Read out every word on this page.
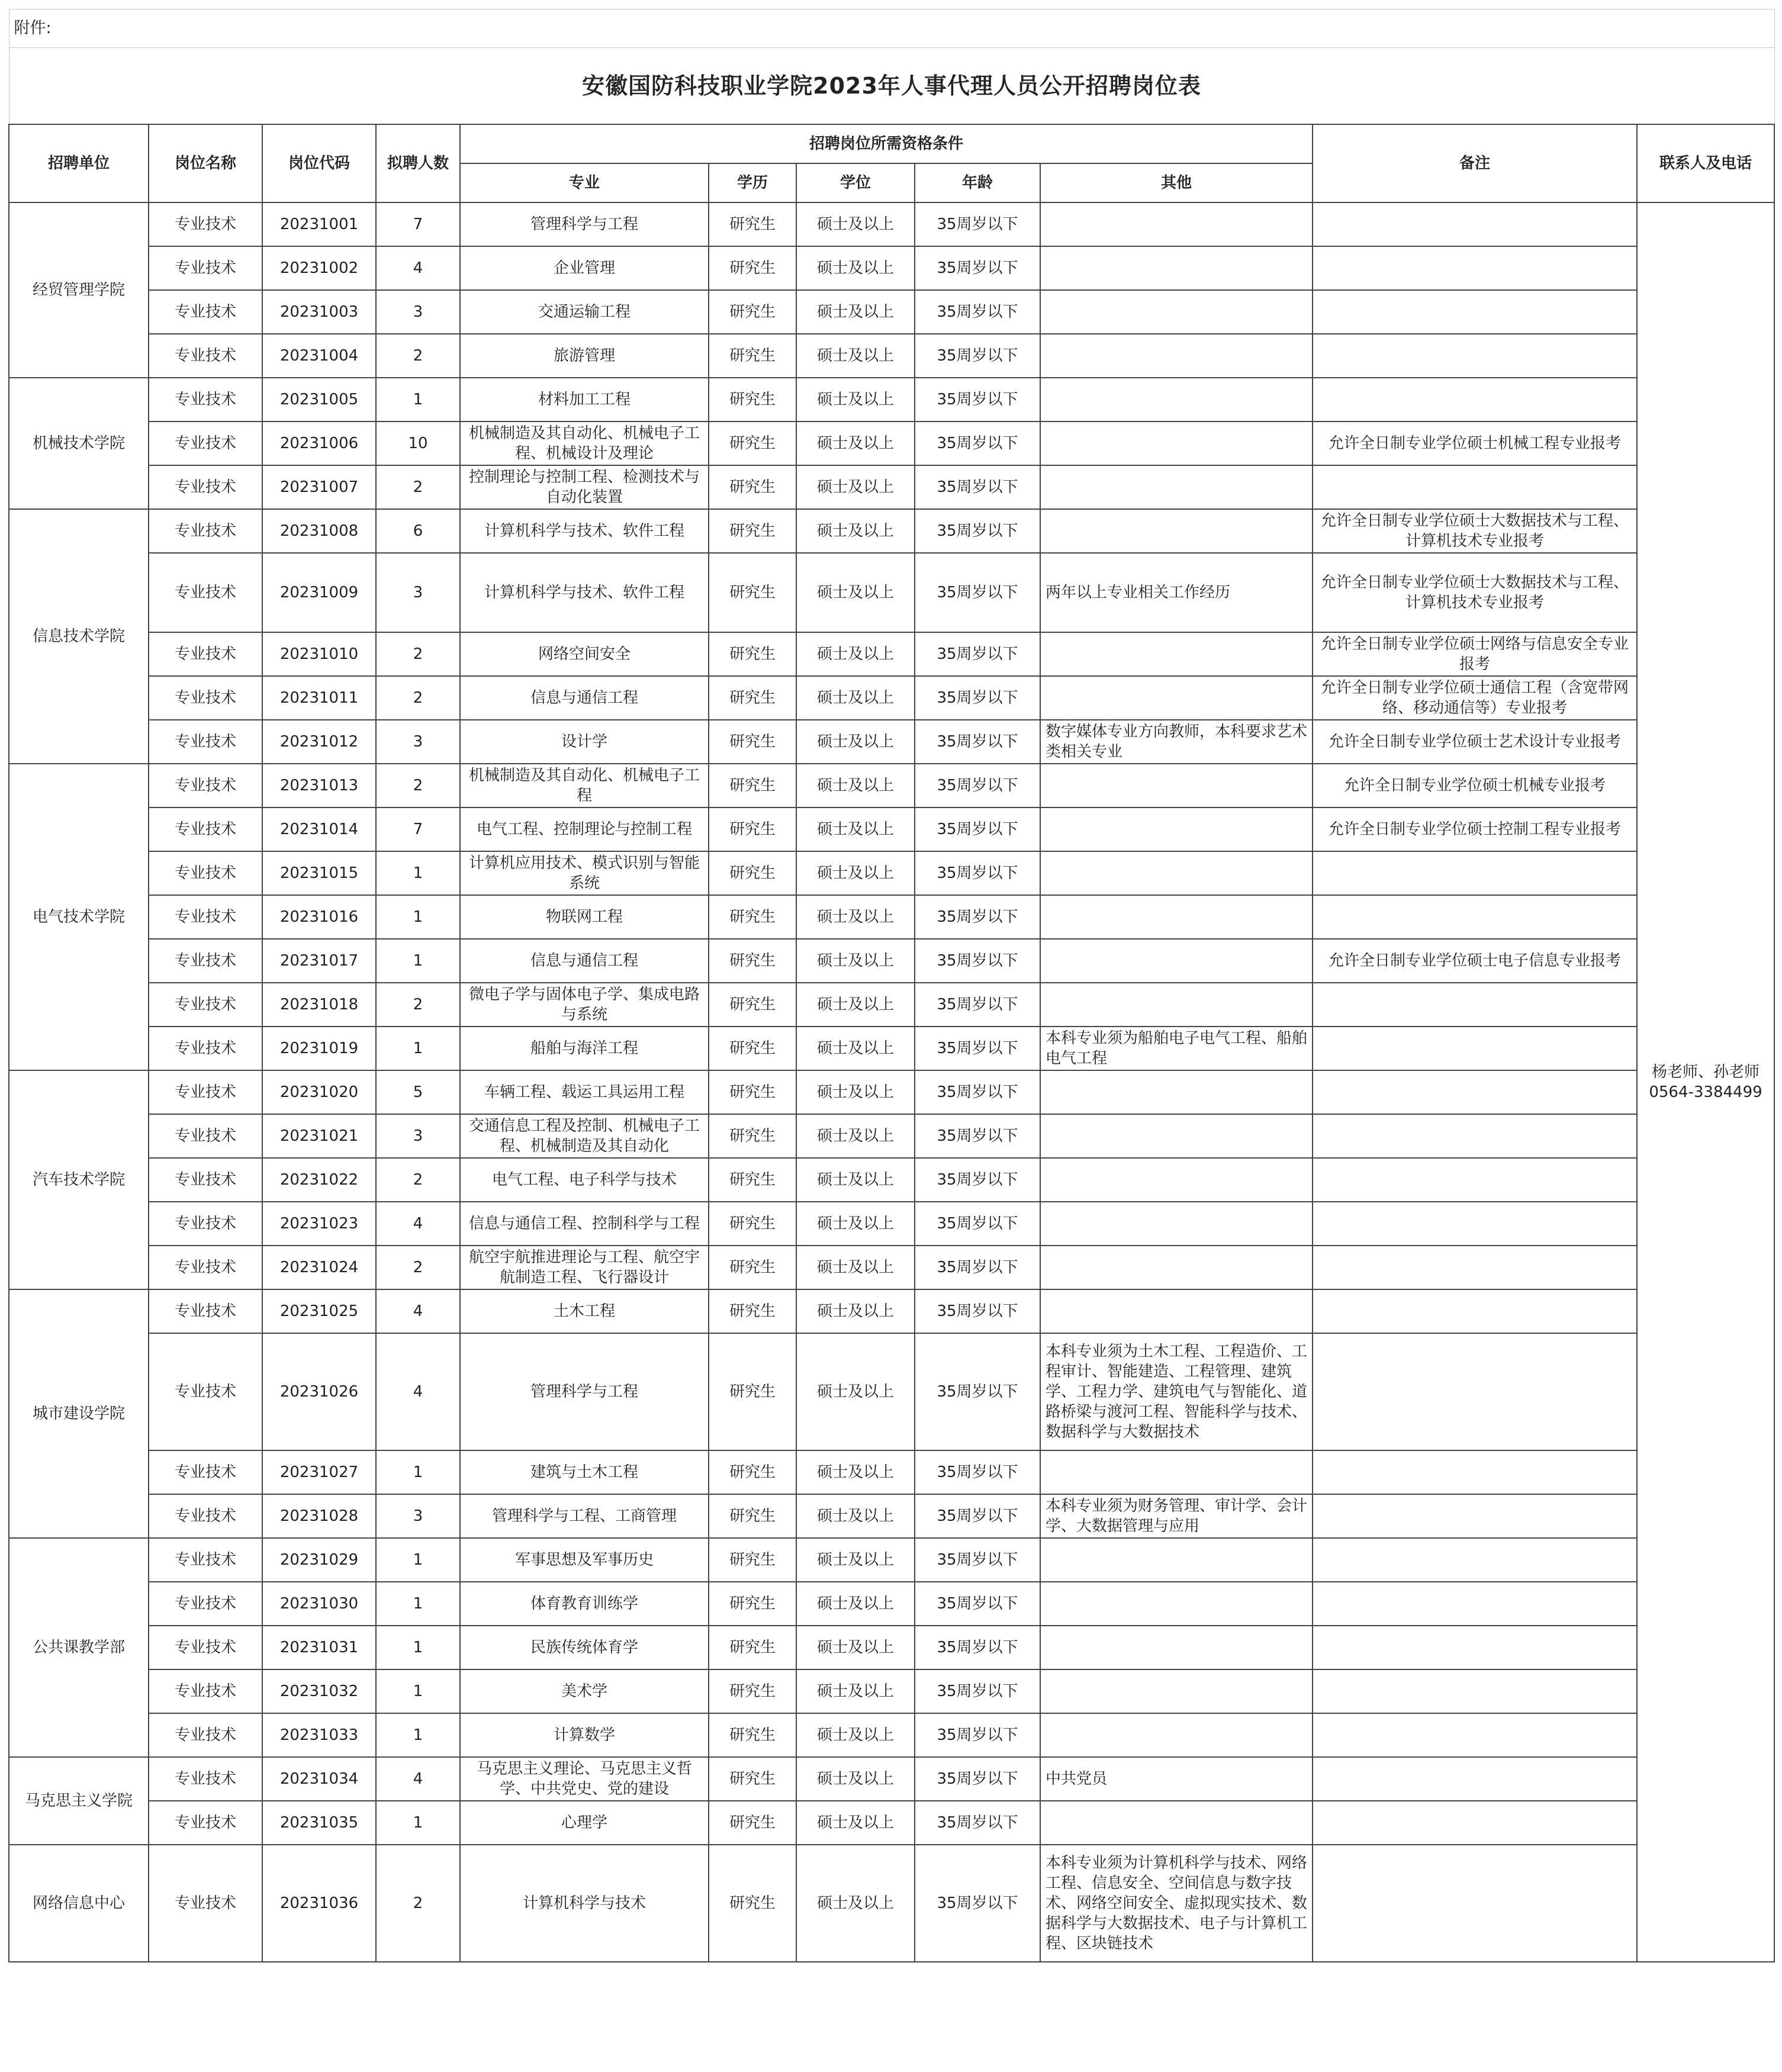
附件:										
安徽国防科技职业学院2023年人事代理人员公开招聘岗位表										
招聘单位	岗位名称	岗位代码	拟聘人数	招聘岗位所需资格条件					备注	联系人及电话
				专业	学历	学位	年龄	其他		
经贸管理学院	专业技术	20231001	7	管理科学与工程	研究生	硕士及以上	35周岁以下			杨老师、孙老师
0564-3384499

	专业技术	20231002	4	企业管理	研究生	硕士及以上	35周岁以下			
	专业技术	20231003	3	交通运输工程	研究生	硕士及以上	35周岁以下			
	专业技术	20231004	2	旅游管理	研究生	硕士及以上	35周岁以下			
机械技术学院	专业技术	20231005	1	材料加工工程	研究生	硕士及以上	35周岁以下			
	专业技术	20231006	10	机械制造及其自动化、机械电子工程、机械设计及理论	研究生	硕士及以上	35周岁以下		允许全日制专业学位硕士机械工程专业报考	
	专业技术	20231007	2	控制理论与控制工程、检测技术与自动化装置	研究生	硕士及以上	35周岁以下			
信息技术学院	专业技术	20231008	6	计算机科学与技术、软件工程	研究生	硕士及以上	35周岁以下		允许全日制专业学位硕士大数据技术与工程、计算机技术专业报考	
	专业技术	20231009	3	计算机科学与技术、软件工程	研究生	硕士及以上	35周岁以下	两年以上专业相关工作经历	允许全日制专业学位硕士大数据技术与工程、计算机技术专业报考	
	专业技术	20231010	2	网络空间安全	研究生	硕士及以上	35周岁以下		允许全日制专业学位硕士网络与信息安全专业报考	
	专业技术	20231011	2	信息与通信工程	研究生	硕士及以上	35周岁以下		允许全日制专业学位硕士通信工程（含宽带网络、移动通信等）专业报考	
	专业技术	20231012	3	设计学	研究生	硕士及以上	35周岁以下	数字媒体专业方向教师，本科要求艺术类相关专业	允许全日制专业学位硕士艺术设计专业报考	
电气技术学院	专业技术	20231013	2	机械制造及其自动化、机械电子工程	研究生	硕士及以上	35周岁以下		允许全日制专业学位硕士机械专业报考	
	专业技术	20231014	7	电气工程、控制理论与控制工程	研究生	硕士及以上	35周岁以下		允许全日制专业学位硕士控制工程专业报考	
	专业技术	20231015	1	计算机应用技术、模式识别与智能系统	研究生	硕士及以上	35周岁以下			
	专业技术	20231016	1	物联网工程	研究生	硕士及以上	35周岁以下			
	专业技术	20231017	1	信息与通信工程	研究生	硕士及以上	35周岁以下		允许全日制专业学位硕士电子信息专业报考	
	专业技术	20231018	2	微电子学与固体电子学、集成电路与系统	研究生	硕士及以上	35周岁以下			
	专业技术	20231019	1	船舶与海洋工程	研究生	硕士及以上	35周岁以下	本科专业须为船舶电子电气工程、船舶电气工程		
汽车技术学院	专业技术	20231020	5	车辆工程、载运工具运用工程	研究生	硕士及以上	35周岁以下			
	专业技术	20231021	3	交通信息工程及控制、机械电子工程、机械制造及其自动化	研究生	硕士及以上	35周岁以下			
	专业技术	20231022	2	电气工程、电子科学与技术	研究生	硕士及以上	35周岁以下			
	专业技术	20231023	4	信息与通信工程、控制科学与工程	研究生	硕士及以上	35周岁以下			
	专业技术	20231024	2	航空宇航推进理论与工程、航空宇航制造工程、飞行器设计	研究生	硕士及以上	35周岁以下			
城市建设学院	专业技术	20231025	4	土木工程	研究生	硕士及以上	35周岁以下			
	专业技术	20231026	4	管理科学与工程	研究生	硕士及以上	35周岁以下	本科专业须为土木工程、工程造价、工程审计、智能建造、工程管理、建筑学、工程力学、建筑电气与智能化、道路桥梁与渡河工程、智能科学与技术、数据科学与大数据技术		
	专业技术	20231027	1	建筑与土木工程	研究生	硕士及以上	35周岁以下			
	专业技术	20231028	3	管理科学与工程、工商管理	研究生	硕士及以上	35周岁以下	本科专业须为财务管理、审计学、会计学、大数据管理与应用		
公共课教学部	专业技术	20231029	1	军事思想及军事历史	研究生	硕士及以上	35周岁以下			
	专业技术	20231030	1	体育教育训练学	研究生	硕士及以上	35周岁以下			
	专业技术	20231031	1	民族传统体育学	研究生	硕士及以上	35周岁以下			
	专业技术	20231032	1	美术学	研究生	硕士及以上	35周岁以下			
	专业技术	20231033	1	计算数学	研究生	硕士及以上	35周岁以下			
马克思主义学院	专业技术	20231034	4	马克思主义理论、马克思主义哲学、中共党史、党的建设	研究生	硕士及以上	35周岁以下	中共党员		
	专业技术	20231035	1	心理学	研究生	硕士及以上	35周岁以下			
网络信息中心	专业技术	20231036	2	计算机科学与技术	研究生	硕士及以上	35周岁以下	本科专业须为计算机科学与技术、网络工程、信息安全、空间信息与数字技术、网络空间安全、虚拟现实技术、数据科学与大数据技术、电子与计算机工程、区块链技术		
